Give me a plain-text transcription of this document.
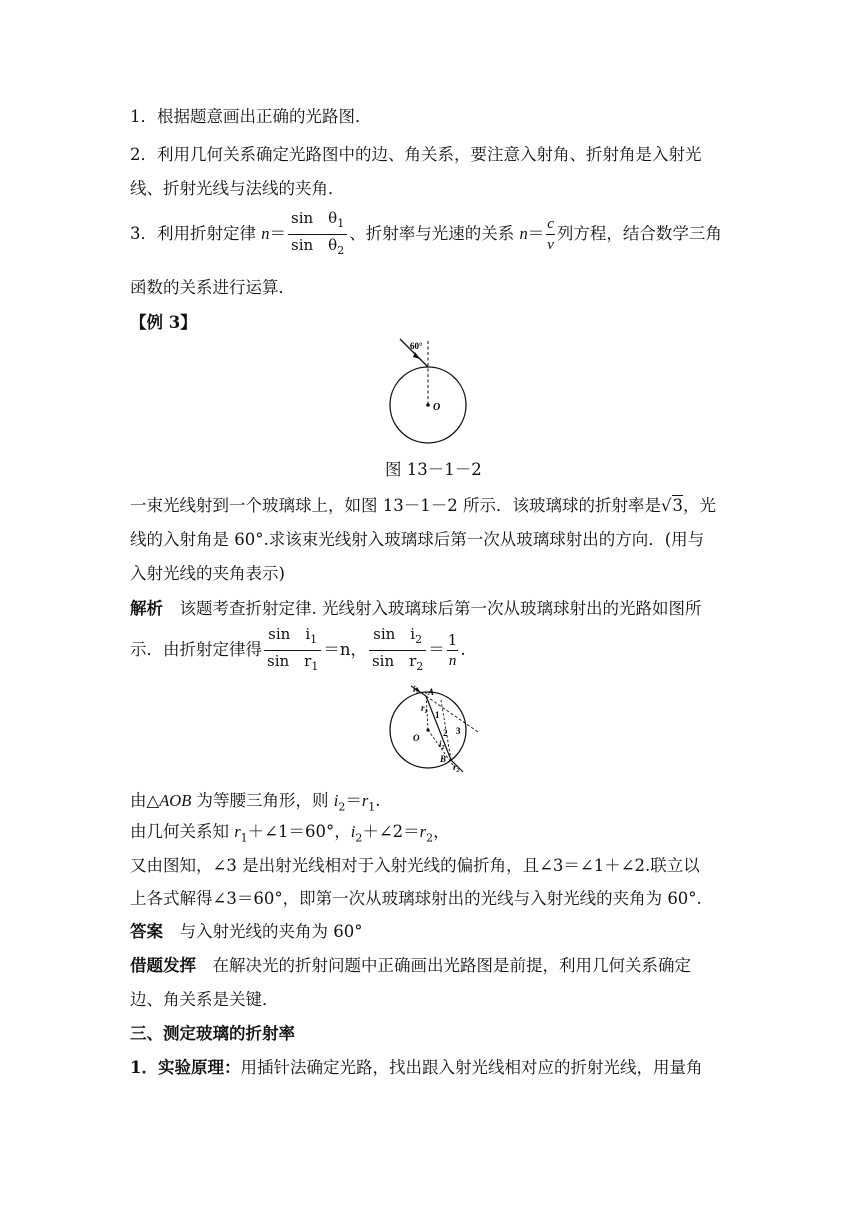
1．根据题意画出正确的光路图．
2．利用几何关系确定光路图中的边、角关系，要注意入射角、折射角是入射光
线、折射光线与法线的夹角．
3．利用折射定律 $n= \frac{\sin \theta_1}{\sin \theta_2}$ 、折射率与光速的关系 $n= \frac{c}{v}$ 列方程，结合数学三角
函数的关系进行运算．
【例 3】
60°
O
图 13－1－2
一束光线射到一个玻璃球上，如图 13－1－2 所示．该玻璃球的折射率是√3，光
线的入射角是 60°.求该束光线射入玻璃球后第一次从玻璃球射出的方向．(用与
入射光线的夹角表示)
解析　该题考查折射定律. 光线射入玻璃球后第一次从玻璃球射出的光路如图所
示．由折射定律得 $\frac{\sin i_1}{\sin r_1} =n$， $\frac{\sin i_2}{\sin r_2} = \frac{1}{n}$ .
A
B
O
$i_1$
$r_1$ 1
2 3
$i_2$
$r_2$
由△AOB 为等腰三角形，则 $i_2=r_1$.
由几何关系知 $r_1+\angle 1=60^\circ$，$i_2+\angle 2=r_2$，
又由图知，∠3 是出射光线相对于入射光线的偏折角，且∠3＝∠1＋∠2.联立以
上各式解得∠3＝60°，即第一次从玻璃球射出的光线与入射光线的夹角为 60°.
答案　与入射光线的夹角为 60°
借题发挥　在解决光的折射问题中正确画出光路图是前提，利用几何关系确定
边、角关系是关键．
三、测定玻璃的折射率
1．实验原理：用插针法确定光路，找出跟入射光线相对应的折射光线，用量角
